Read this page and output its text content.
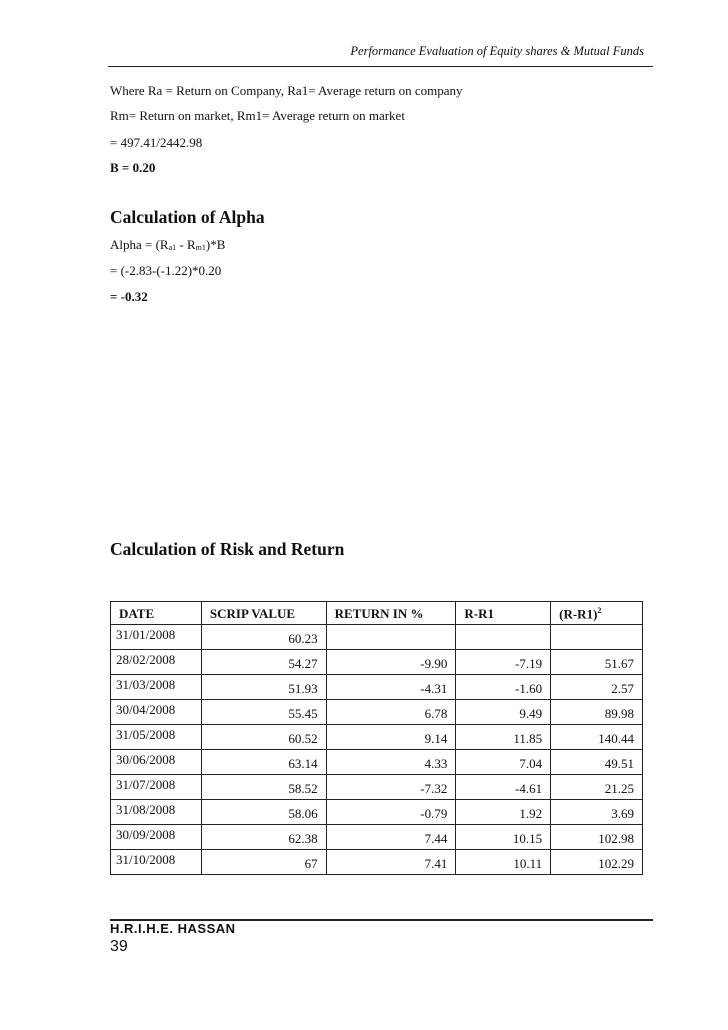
Performance Evaluation of Equity shares & Mutual Funds
Where Ra = Return on Company, Ra1= Average return on company
Rm= Return on market, Rm1= Average return on market
= 497.41/2442.98
B = 0.20
Calculation of Alpha
Alpha = (Ra1 - Rm1)*B
= (-2.83-(-1.22)*0.20
= -0.32
Calculation of Risk and Return
DATE	SCRIP VALUE	RETURN IN %	R-R1	$(R-R1)^2$
31/01/2008	60.23			
28/02/2008	54.27	-9.90	-7.19	51.67
31/03/2008	51.93	-4.31	-1.60	2.57
30/04/2008	55.45	6.78	9.49	89.98
31/05/2008	60.52	9.14	11.85	140.44
30/06/2008	63.14	4.33	7.04	49.51
31/07/2008	58.52	-7.32	-4.61	21.25
31/08/2008	58.06	-0.79	1.92	3.69
30/09/2008	62.38	7.44	10.15	102.98
31/10/2008	67	7.41	10.11	102.29
H.R.I.H.E. HASSAN
39
